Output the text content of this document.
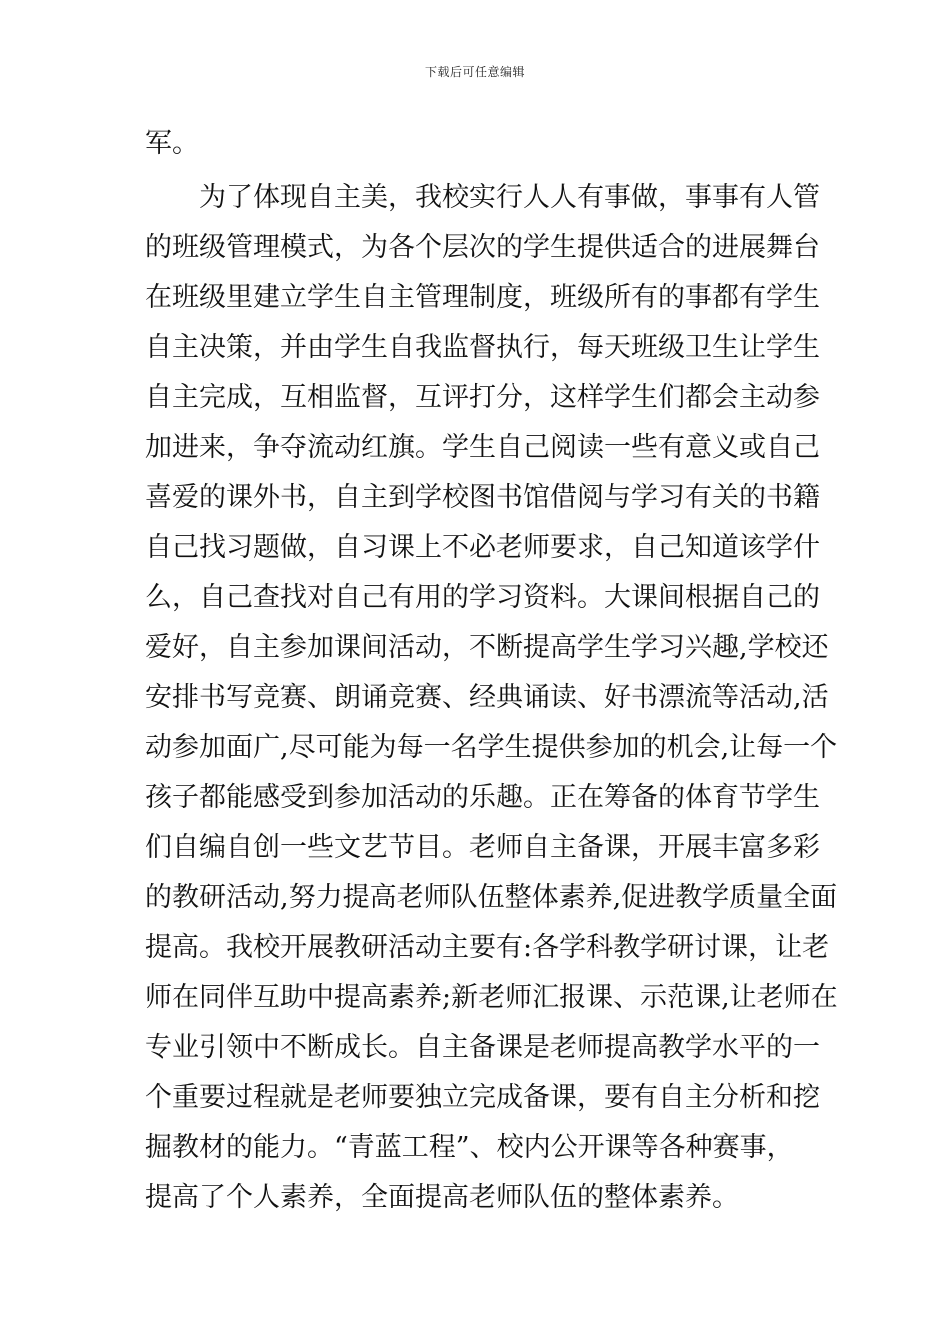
下载后可任意编辑
军。
为了体现自主美，我校实行人人有事做，事事有人管
的班级管理模式，为各个层次的学生提供适合的进展舞台
在班级里建立学生自主管理制度，班级所有的事都有学生
自主决策，并由学生自我监督执行，每天班级卫生让学生
自主完成，互相监督，互评打分，这样学生们都会主动参
加进来，争夺流动红旗。学生自己阅读一些有意义或自己
喜爱的课外书，自主到学校图书馆借阅与学习有关的书籍
自己找习题做，自习课上不必老师要求，自己知道该学什
么，自己查找对自己有用的学习资料。大课间根据自己的
爱好，自主参加课间活动，不断提高学生学习兴趣,学校还
安排书写竞赛、朗诵竞赛、经典诵读、好书漂流等活动,活
动参加面广,尽可能为每一名学生提供参加的机会,让每一个
孩子都能感受到参加活动的乐趣。正在筹备的体育节学生
们自编自创一些文艺节目。老师自主备课，开展丰富多彩
的教研活动,努力提高老师队伍整体素养,促进教学质量全面
提高。我校开展教研活动主要有:各学科教学研讨课，让老
师在同伴互助中提高素养;新老师汇报课、示范课,让老师在
专业引领中不断成长。自主备课是老师提高教学水平的一
个重要过程就是老师要独立完成备课，要有自主分析和挖
掘教材的能力。“青蓝工程”、校内公开课等各种赛事，
提高了个人素养，全面提高老师队伍的整体素养。
